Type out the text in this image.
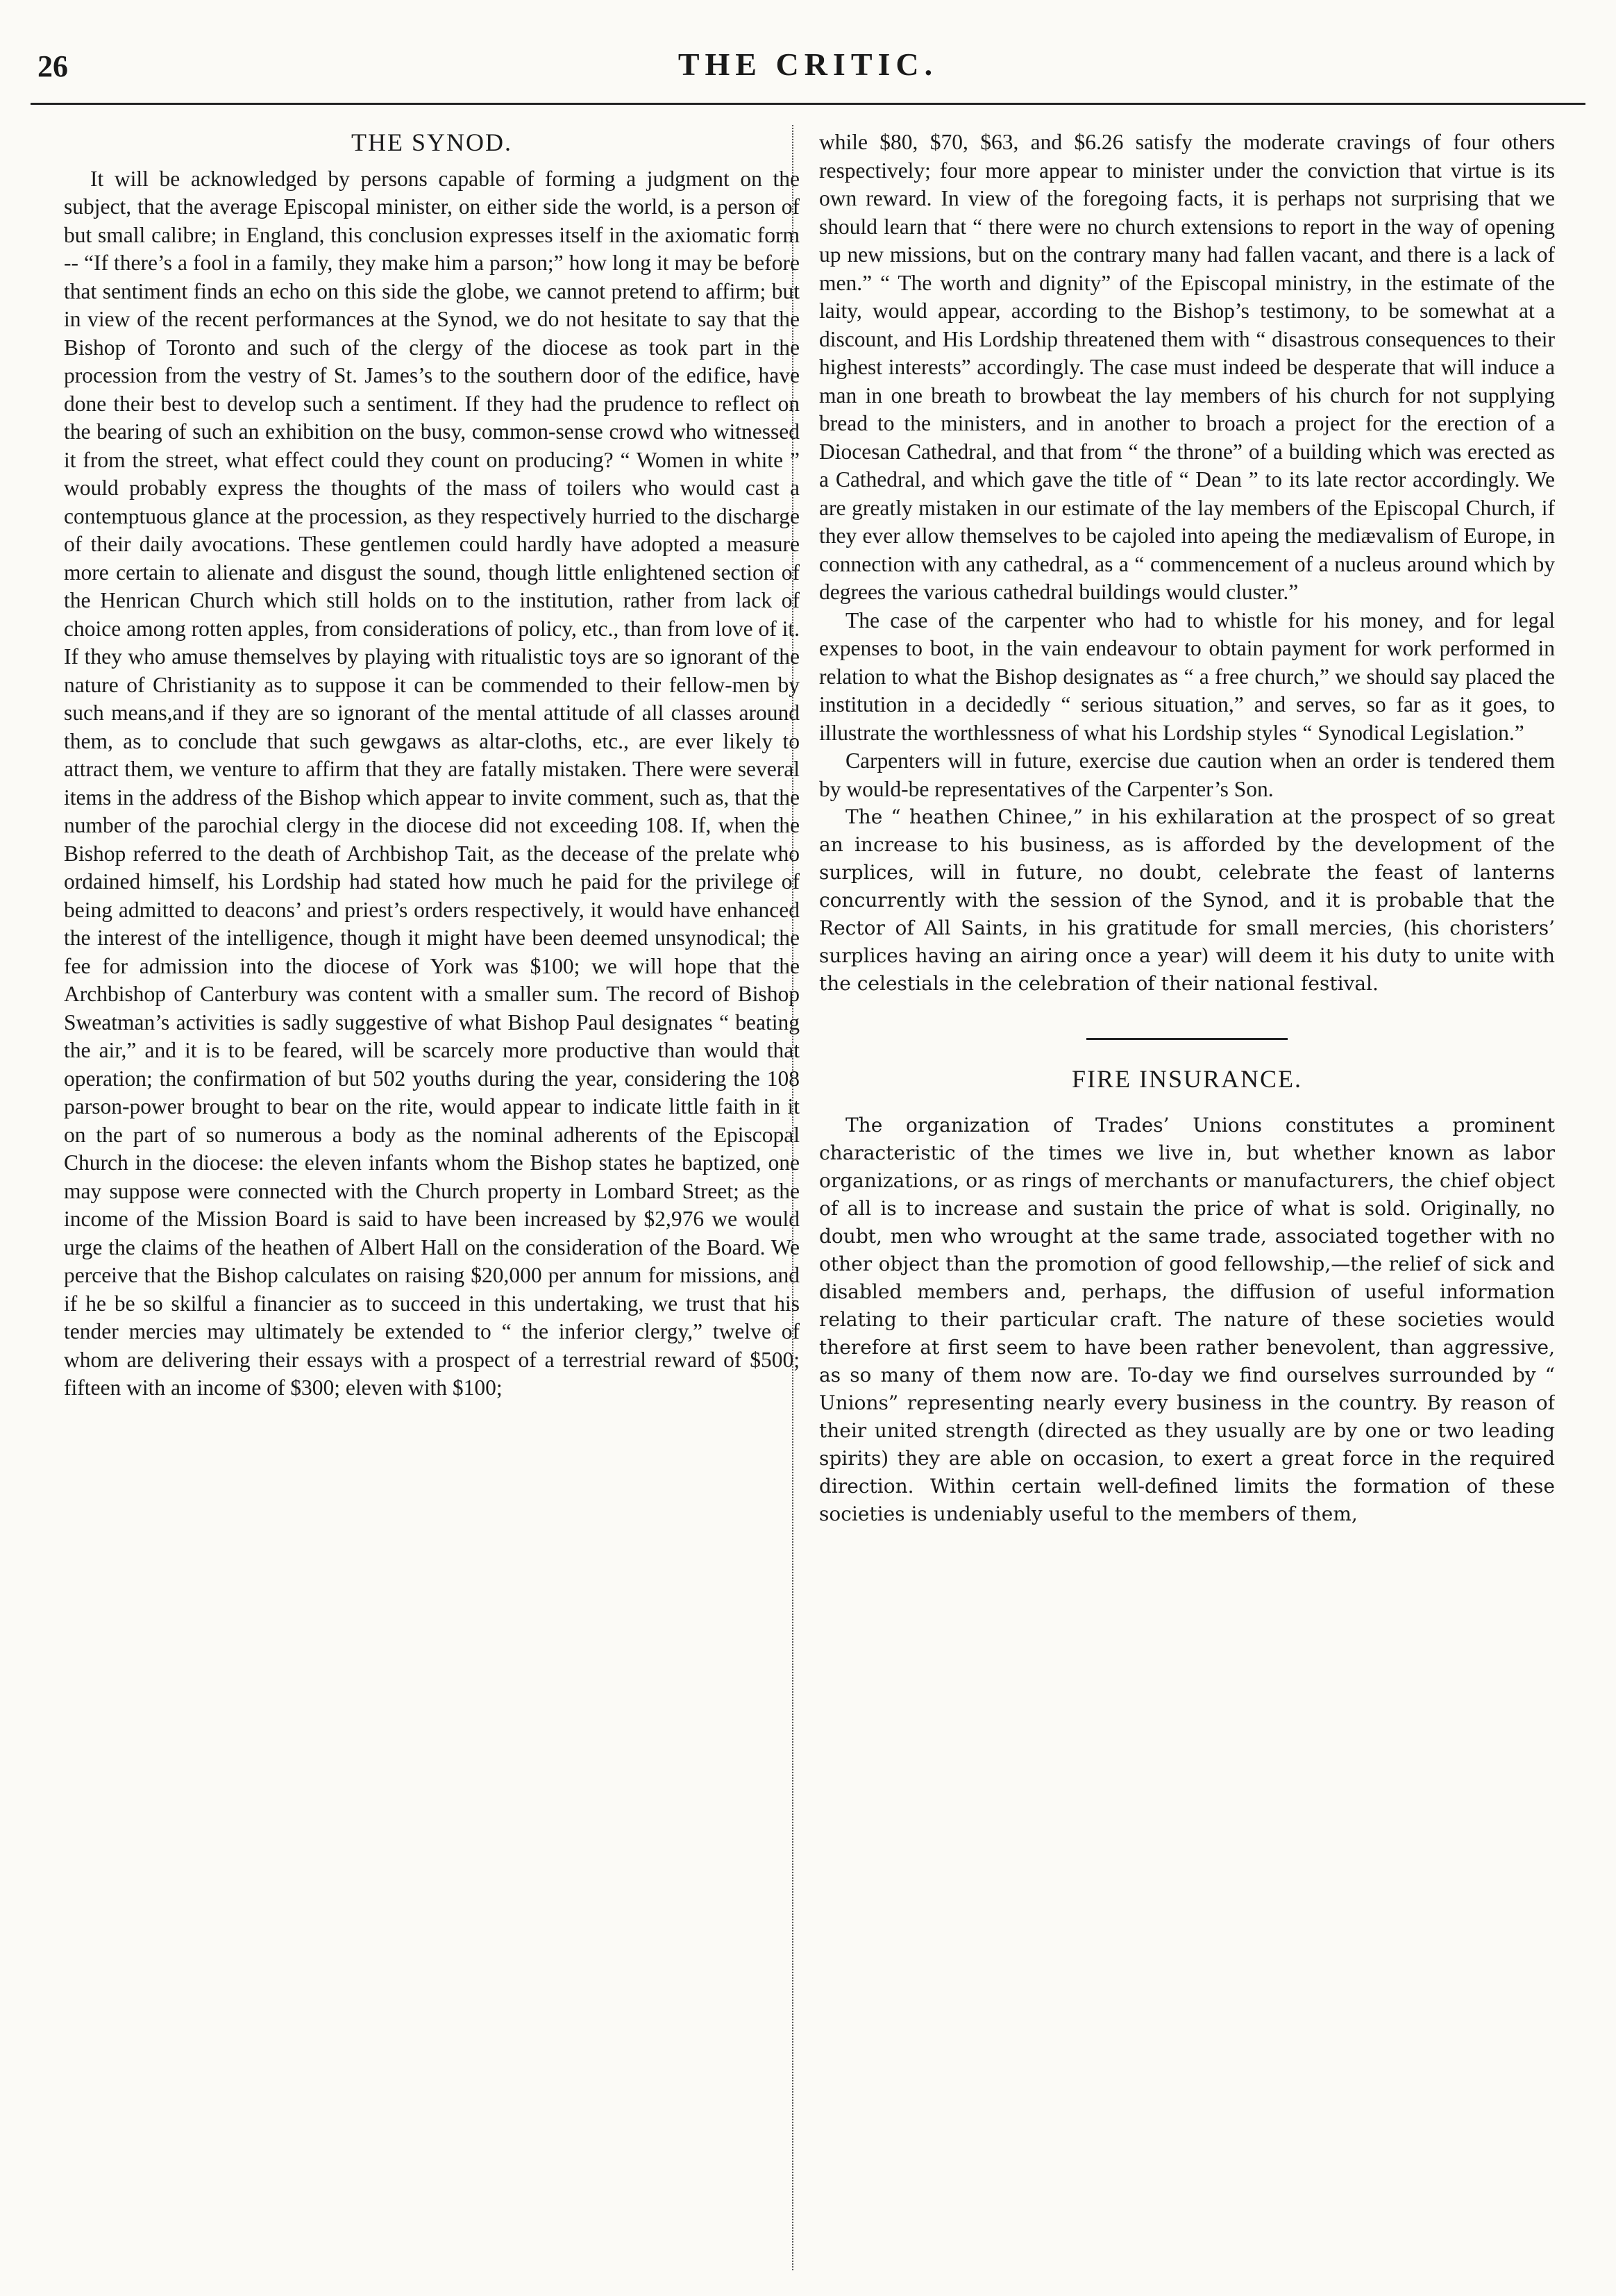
26	THE CRITIC.
THE SYNOD.

It will be acknowledged by persons capable of forming a judgment on the subject, that the average Episcopal minister, on either side the world, is a person of but small calibre; in England, this conclusion expresses itself in the axiomatic form -- “If there’s a fool in a family, they make him a parson;” how long it may be before that sentiment finds an echo on this side the globe, we cannot pretend to affirm; but in view of the recent performances at the Synod, we do not hesitate to say that the Bishop of Toronto and such of the clergy of the diocese as took part in the procession from the vestry of St. James’s to the southern door of the edifice, have done their best to develop such a sentiment. If they had the prudence to reflect on the bearing of such an exhibition on the busy, common-sense crowd who witnessed it from the street, what effect could they count on producing? “ Women in white ” would probably express the thoughts of the mass of toilers who would cast a contemptuous glance at the procession, as they respectively hurried to the discharge of their daily avocations. These gentlemen could hardly have adopted a measure more certain to alienate and disgust the sound, though little enlightened section of the Henrican Church which still holds on to the institution, rather from lack of choice among rotten apples, from considerations of policy, etc., than from love of it. If they who amuse themselves by playing with ritualistic toys are so ignorant of the nature of Christianity as to suppose it can be commended to their fellow-men by such means,and if they are so ignorant of the mental attitude of all classes around them, as to conclude that such gewgaws as altar-cloths, etc., are ever likely to attract them, we venture to affirm that they are fatally mistaken. There were several items in the address of the Bishop which appear to invite comment, such as, that the number of the parochial clergy in the diocese did not exceeding 108. If, when the Bishop referred to the death of Archbishop Tait, as the decease of the prelate who ordained himself, his Lordship had stated how much he paid for the privilege of being admitted to deacons’ and priest’s orders respectively, it would have enhanced the interest of the intelligence, though it might have been deemed unsynodical; the fee for admission into the diocese of York was $100; we will hope that the Archbishop of Canterbury was content with a smaller sum. The record of Bishop Sweatman’s activities is sadly suggestive of what Bishop Paul designates “ beating the air,” and it is to be feared, will be scarcely more productive than would that operation; the confirmation of but 502 youths during the year, considering the 108 parson-power brought to bear on the rite, would appear to indicate little faith in it on the part of so numerous a body as the nominal adherents of the Episcopal Church in the diocese: the eleven infants whom the Bishop states he baptized, one may suppose were connected with the Church property in Lombard Street; as the income of the Mission Board is said to have been increased by $2,976 we would urge the claims of the heathen of Albert Hall on the consideration of the Board. We perceive that the Bishop calculates on raising $20,000 per annum for missions, and if he be so skilful a financier as to succeed in this undertaking, we trust that his tender mercies may ultimately be extended to “ the inferior clergy,” twelve of whom are delivering their essays with a prospect of a terrestrial reward of $500; fifteen with an income of $300; eleven with $100;

while $80, $70, $63, and $6.26 satisfy the moderate cravings of four others respectively; four more appear to minister under the conviction that virtue is its own reward. In view of the foregoing facts, it is perhaps not surprising that we should learn that “ there were no church extensions to report in the way of opening up new missions, but on the contrary many had fallen vacant, and there is a lack of men.” “ The worth and dignity” of the Episcopal ministry, in the estimate of the laity, would appear, according to the Bishop’s testimony, to be somewhat at a discount, and His Lordship threatened them with “ disastrous consequences to their highest interests” accordingly. The case must indeed be desperate that will induce a man in one breath to browbeat the lay members of his church for not supplying bread to the ministers, and in another to broach a project for the erection of a Diocesan Cathedral, and that from “ the throne” of a building which was erected as a Cathedral, and which gave the title of “ Dean ” to its late rector accordingly. We are greatly mistaken in our estimate of the lay members of the Episcopal Church, if they ever allow themselves to be cajoled into apeing the mediævalism of Europe, in connection with any cathedral, as a “ commencement of a nucleus around which by degrees the various cathedral buildings would cluster.”

The case of the carpenter who had to whistle for his money, and for legal expenses to boot, in the vain endeavour to obtain payment for work performed in relation to what the Bishop designates as “ a free church,” we should say placed the institution in a decidedly “ serious situation,” and serves, so far as it goes, to illustrate the worthlessness of what his Lordship styles “ Synodical Legislation.”

Carpenters will in future, exercise due caution when an order is tendered them by would-be representatives of the Carpenter’s Son.

The “ heathen Chinee,” in his exhilaration at the prospect of so great an increase to his business, as is afforded by the development of the surplices, will in future, no doubt, celebrate the feast of lanterns concurrently with the session of the Synod, and it is probable that the Rector of All Saints, in his gratitude for small mercies, (his choristers’ surplices having an airing once a year) will deem it his duty to unite with the celestials in the celebration of their national festival.

FIRE INSURANCE.

The organization of Trades’ Unions constitutes a prominent characteristic of the times we live in, but whether known as labor organizations, or as rings of merchants or manufacturers, the chief object of all is to increase and sustain the price of what is sold. Originally, no doubt, men who wrought at the same trade, associated together with no other object than the promotion of good fellowship,—the relief of sick and disabled members and, perhaps, the diffusion of useful information relating to their particular craft. The nature of these societies would therefore at first seem to have been rather benevolent, than aggressive, as so many of them now are. To-day we find ourselves surrounded by “ Unions” representing nearly every business in the country. By reason of their united strength (directed as they usually are by one or two leading spirits) they are able on occasion, to exert a great force in the required direction. Within certain well-defined limits the formation of these societies is undeniably useful to the members of them,
